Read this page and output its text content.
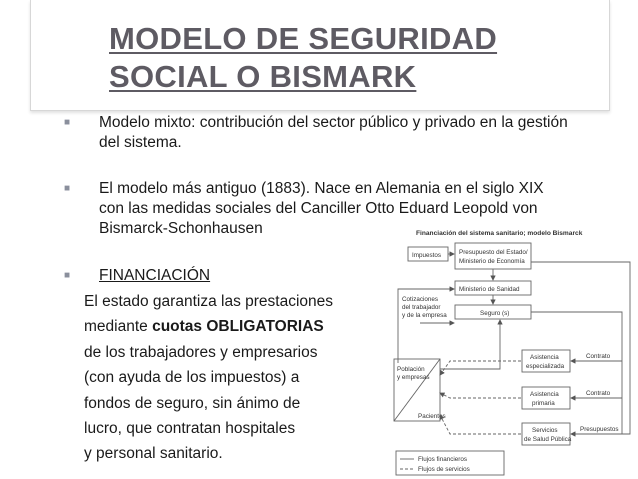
MODELO DE SEGURIDAD
SOCIAL O BISMARK
■ Modelo mixto: contribución del sector público y privado en la gestión
del sistema.
■ El modelo más antiguo (1883). Nace en Alemania en el siglo XIX
con las medidas sociales del Canciller Otto Eduard Leopold von
Bismarck-Schonhausen
■ FINANCIACIÓN
El estado garantiza las prestaciones
mediante cuotas OBLIGATORIAS
de los trabajadores y empresarios
(con ayuda de los impuestos) a
fondos de seguro, sin ánimo de
lucro, que contratan hospitales
y personal sanitario.
Financiación del sistema sanitario; modelo Bismarck
Impuestos	Presupuesto del Estado/
Ministerio de Economía
Ministerio de Sanidad
Cotizaciones
del trabajador
y de la empresa	Seguro (s)
Población
y empresas
Pacientes
Asistencia
especializada
Asistencia
primaria
Servicios
de Salud Pública
Contrato
Contrato
Presupuestos
Flujos financieros
Flujos de servicios
